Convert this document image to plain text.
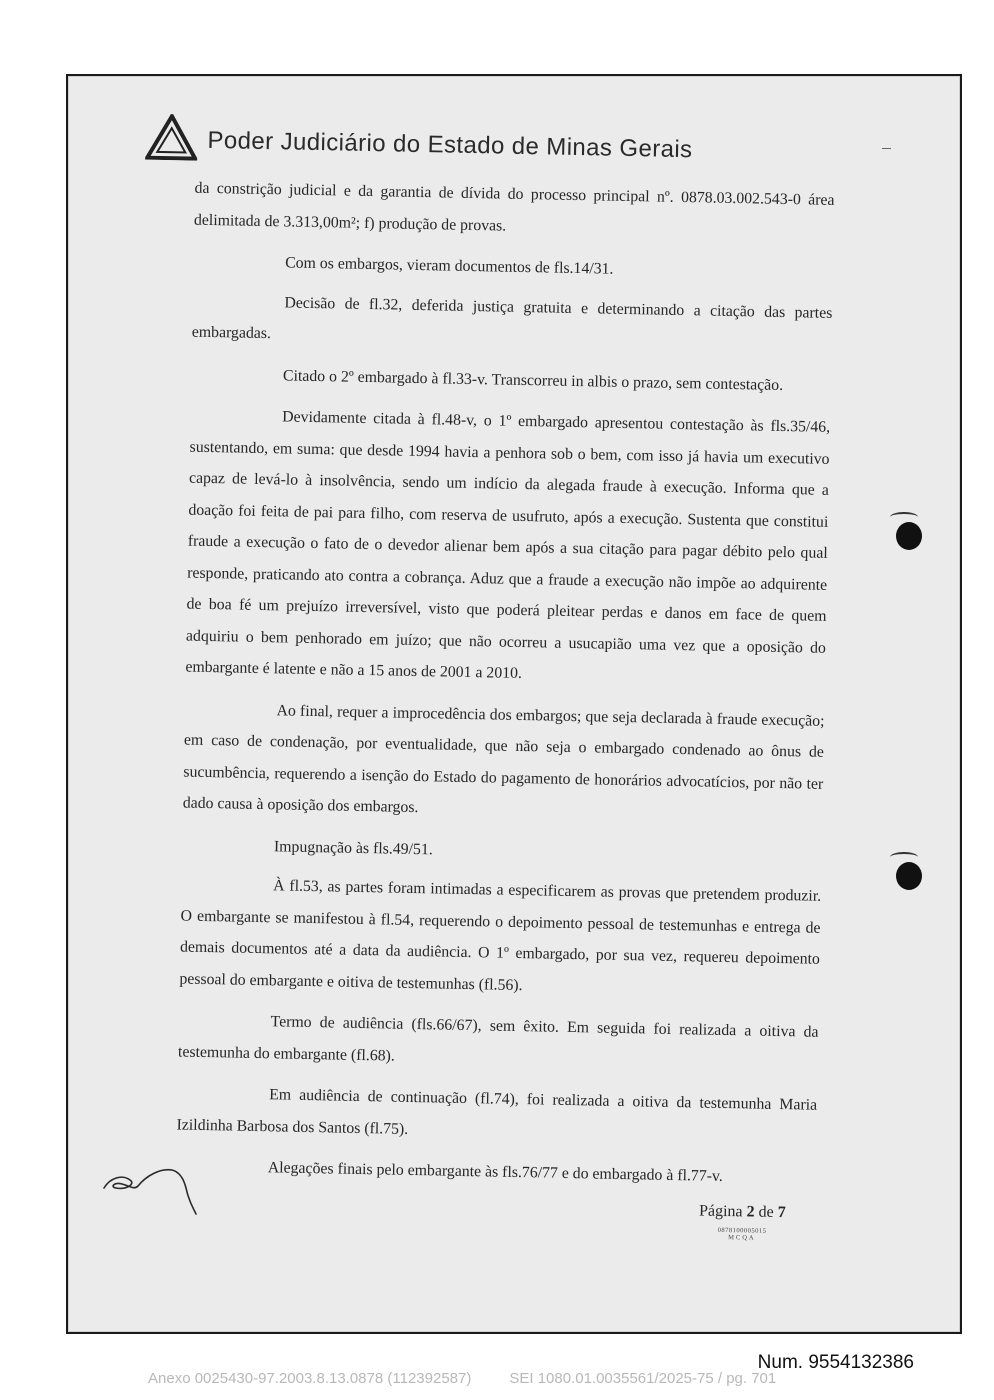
Poder Judiciário do Estado de Minas Gerais

da constrição judicial e da garantia de dívida do processo principal nº. 0878.03.002.543-0 área delimitada de 3.313,00m²; f) produção de provas.

Com os embargos, vieram documentos de fls.14/31.

Decisão de fl.32, deferida justiça gratuita e determinando a citação das partes embargadas.

Citado o 2º embargado à fl.33-v. Transcorreu in albis o prazo, sem contestação.

Devidamente citada à fl.48-v, o 1º embargado apresentou contestação às fls.35/46, sustentando, em suma: que desde 1994 havia a penhora sob o bem, com isso já havia um executivo capaz de levá-lo à insolvência, sendo um indício da alegada fraude à execução. Informa que a doação foi feita de pai para filho, com reserva de usufruto, após a execução. Sustenta que constitui fraude a execução o fato de o devedor alienar bem após a sua citação para pagar débito pelo qual responde, praticando ato contra a cobrança. Aduz que a fraude a execução não impõe ao adquirente de boa fé um prejuízo irreversível, visto que poderá pleitear perdas e danos em face de quem adquiriu o bem penhorado em juízo; que não ocorreu a usucapião uma vez que a oposição do embargante é latente e não a 15 anos de 2001 a 2010.

Ao final, requer a improcedência dos embargos; que seja declarada à fraude execução; em caso de condenação, por eventualidade, que não seja o embargado condenado ao ônus de sucumbência, requerendo a isenção do Estado do pagamento de honorários advocatícios, por não ter dado causa à oposição dos embargos.

Impugnação às fls.49/51.

À fl.53, as partes foram intimadas a especificarem as provas que pretendem produzir. O embargante se manifestou à fl.54, requerendo o depoimento pessoal de testemunhas e entrega de demais documentos até a data da audiência. O 1º embargado, por sua vez, requereu depoimento pessoal do embargante e oitiva de testemunhas (fl.56).

Termo de audiência (fls.66/67), sem êxito. Em seguida foi realizada a oitiva da testemunha do embargante (fl.68).

Em audiência de continuação (fl.74), foi realizada a oitiva da testemunha Maria Izildinha Barbosa dos Santos (fl.75).

Alegações finais pelo embargante às fls.76/77 e do embargado à fl.77-v.

Página 2 de 7
0878100005015
MCQA
Num. 9554132386
Anexo 0025430-97.2003.8.13.0878 (112392587)	SEI 1080.01.0035561/2025-75 / pg. 701
